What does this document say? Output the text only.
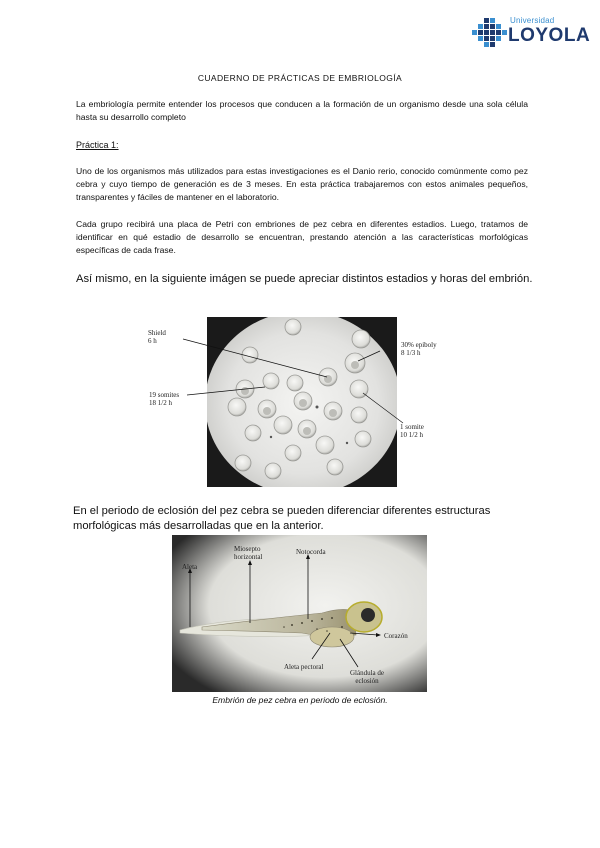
Universidad
LOYOLA
CUADERNO DE PRÁCTICAS DE EMBRIOLOGÍA
La embriología permite entender los procesos que conducen a la formación de un organismo desde una sola célula hasta su desarrollo completo
Práctica 1:
Uno de los organismos más utilizados para estas investigaciones es el Danio rerio, conocido comúnmente como pez cebra y cuyo tiempo de generación es de 3 meses. En esta práctica trabajaremos con estos animales pequeños, transparentes y fáciles de mantener en el laboratorio.
Cada grupo recibirá una placa de Petri con embriones de pez cebra en diferentes estadios. Luego, tratamos de identificar en qué estadio de desarrollo se encuentran, prestando atención a las características morfológicas específicas de cada frase.
Así mismo, en la siguiente imágen se puede apreciar distintos estadios y horas del embrión.
Shield
6 h	30% epiboly
8 1/3 h
19 somites
18 1/2 h
1 somite
10 1/2 h
En el periodo de eclosión del pez cebra se pueden diferenciar diferentes estructuras morfológicas más desarrolladas que en la anterior.
Aleta
Miosepto
horizontal
Notocorda
Corazón
Aleta pectoral
Glándula de
eclosión
Embrión de pez cebra en periodo de eclosión.
